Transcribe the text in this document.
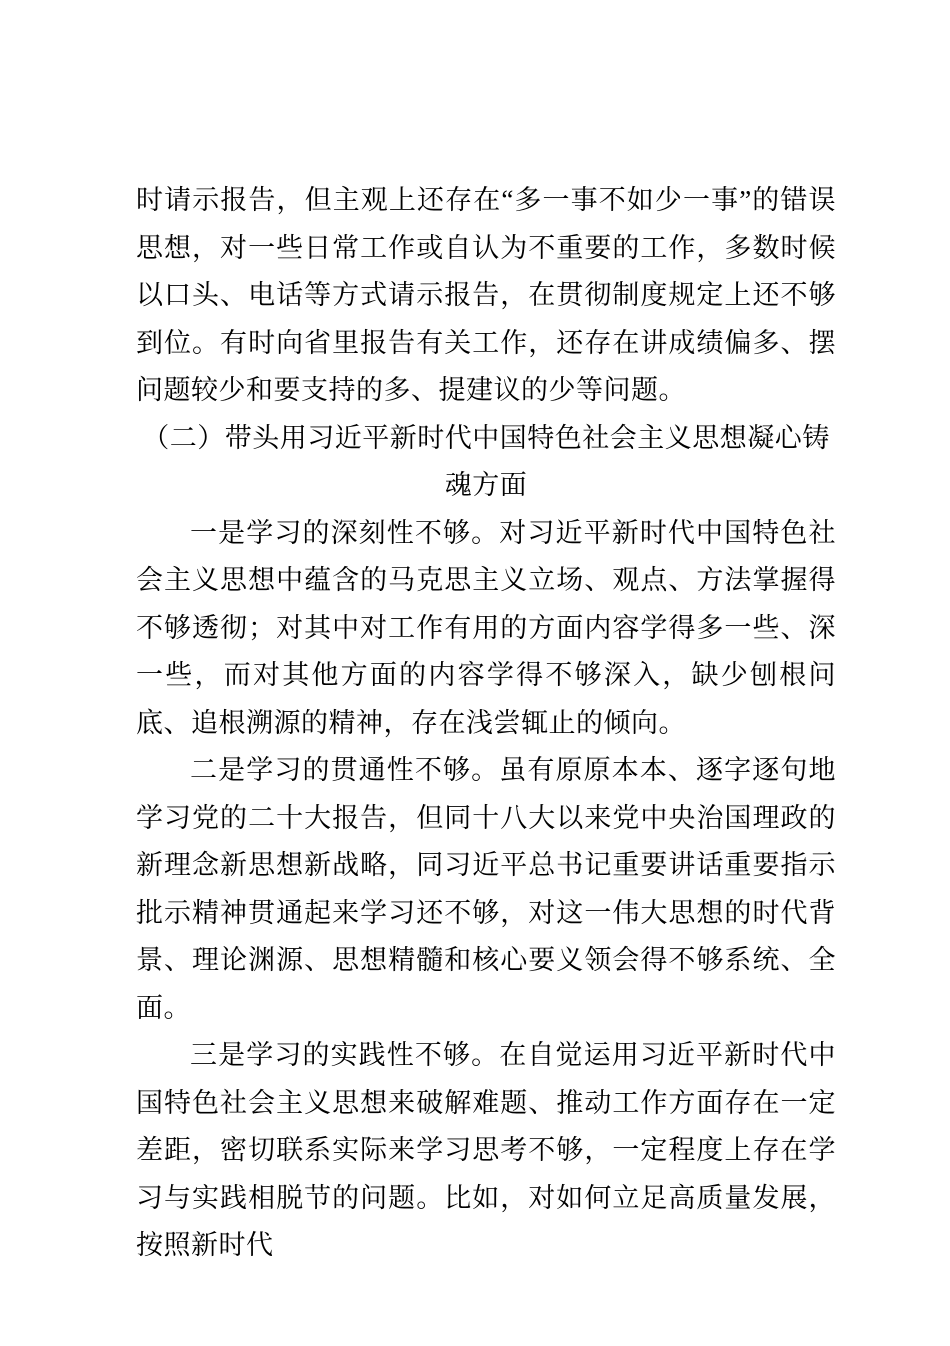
时请示报告，但主观上还存在“多一事不如少一事”的错误思想，对一些日常工作或自认为不重要的工作，多数时候以口头、电话等方式请示报告，在贯彻制度规定上还不够到位。有时向省里报告有关工作，还存在讲成绩偏多、摆问题较少和要支持的多、提建议的少等问题。

（二）带头用习近平新时代中国特色社会主义思想凝心铸魂方面

一是学习的深刻性不够。对习近平新时代中国特色社会主义思想中蕴含的马克思主义立场、观点、方法掌握得不够透彻；对其中对工作有用的方面内容学得多一些、深一些，而对其他方面的内容学得不够深入，缺少刨根问底、追根溯源的精神，存在浅尝辄止的倾向。

二是学习的贯通性不够。虽有原原本本、逐字逐句地学习党的二十大报告，但同十八大以来党中央治国理政的新理念新思想新战略，同习近平总书记重要讲话重要指示批示精神贯通起来学习还不够，对这一伟大思想的时代背景、理论渊源、思想精髓和核心要义领会得不够系统、全面。

三是学习的实践性不够。在自觉运用习近平新时代中国特色社会主义思想来破解难题、推动工作方面存在一定差距，密切联系实际来学习思考不够，一定程度上存在学习与实践相脱节的问题。比如，对如何立足高质量发展，按照新时代
